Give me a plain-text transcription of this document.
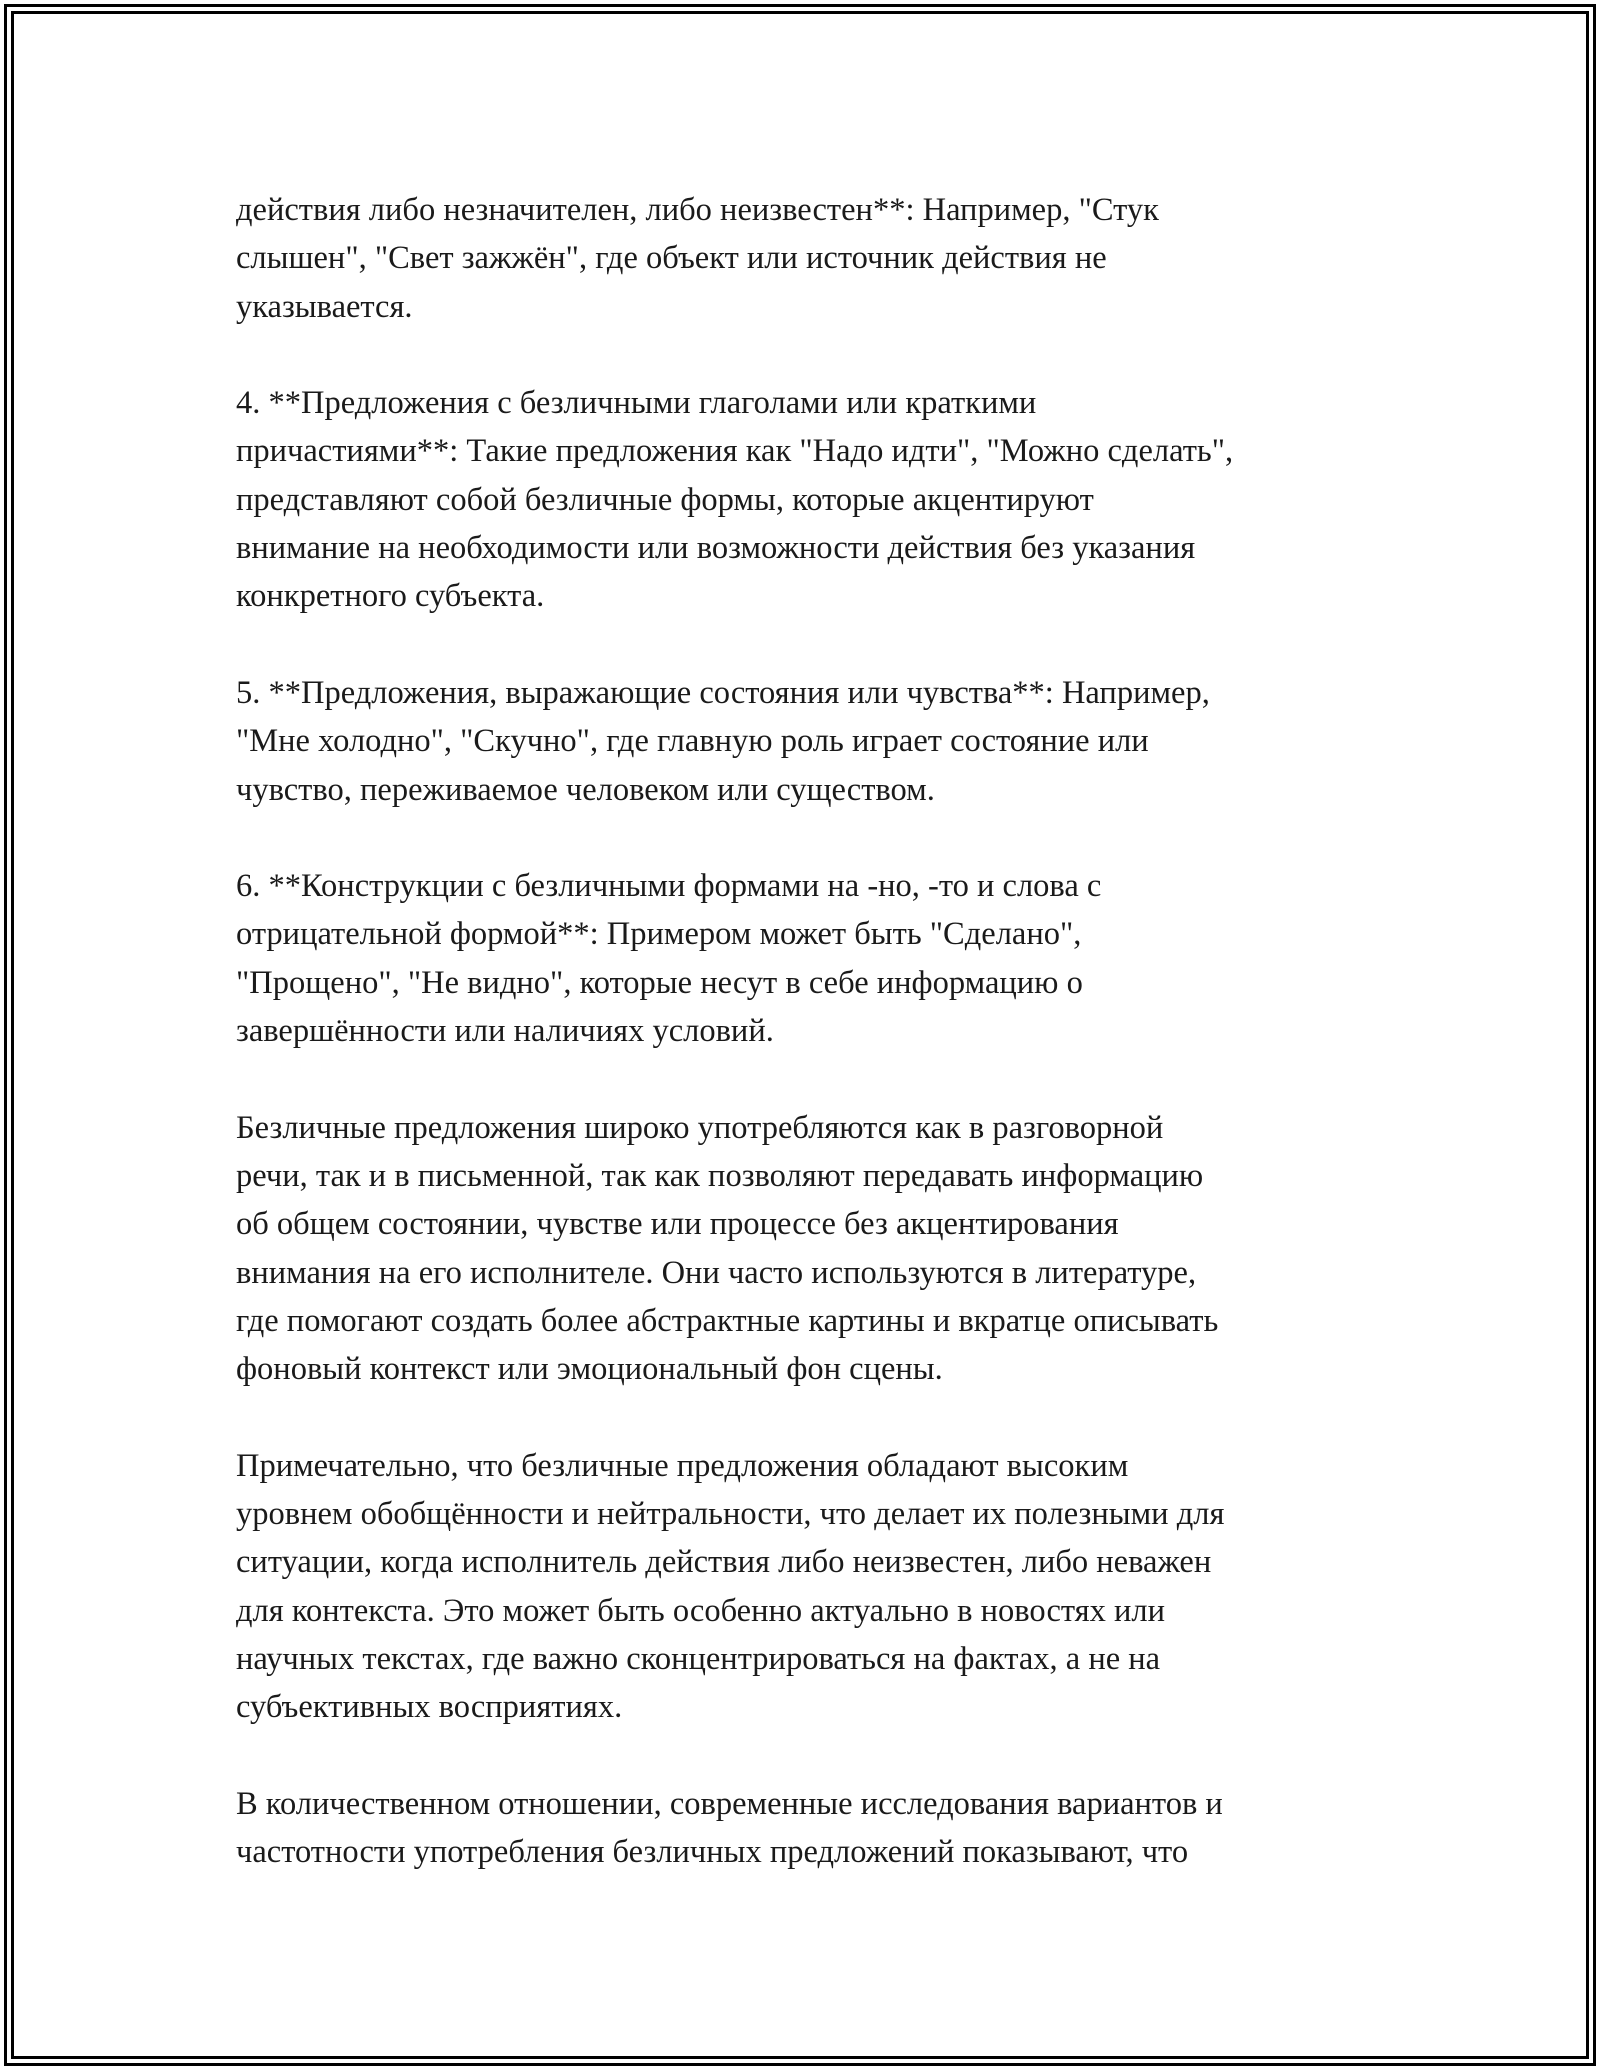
действия либо незначителен, либо неизвестен**: Например, "Стук
слышен", "Свет зажжён", где объект или источник действия не
указывается.

4. **Предложения с безличными глаголами или краткими
причастиями**: Такие предложения как "Надо идти", "Можно сделать",
представляют собой безличные формы, которые акцентируют
внимание на необходимости или возможности действия без указания
конкретного субъекта.

5. **Предложения, выражающие состояния или чувства**: Например,
"Мне холодно", "Скучно", где главную роль играет состояние или
чувство, переживаемое человеком или существом.

6. **Конструкции с безличными формами на -но, -то и слова с
отрицательной формой**: Примером может быть "Сделано",
"Прощено", "Не видно", которые несут в себе информацию о
завершённости или наличиях условий.

Безличные предложения широко употребляются как в разговорной
речи, так и в письменной, так как позволяют передавать информацию
об общем состоянии, чувстве или процессе без акцентирования
внимания на его исполнителе. Они часто используются в литературе,
где помогают создать более абстрактные картины и вкратце описывать
фоновый контекст или эмоциональный фон сцены.

Примечательно, что безличные предложения обладают высоким
уровнем обобщённости и нейтральности, что делает их полезными для
ситуации, когда исполнитель действия либо неизвестен, либо неважен
для контекста. Это может быть особенно актуально в новостях или
научных текстах, где важно сконцентрироваться на фактах, а не на
субъективных восприятиях.

В количественном отношении, современные исследования вариантов и
частотности употребления безличных предложений показывают, что
